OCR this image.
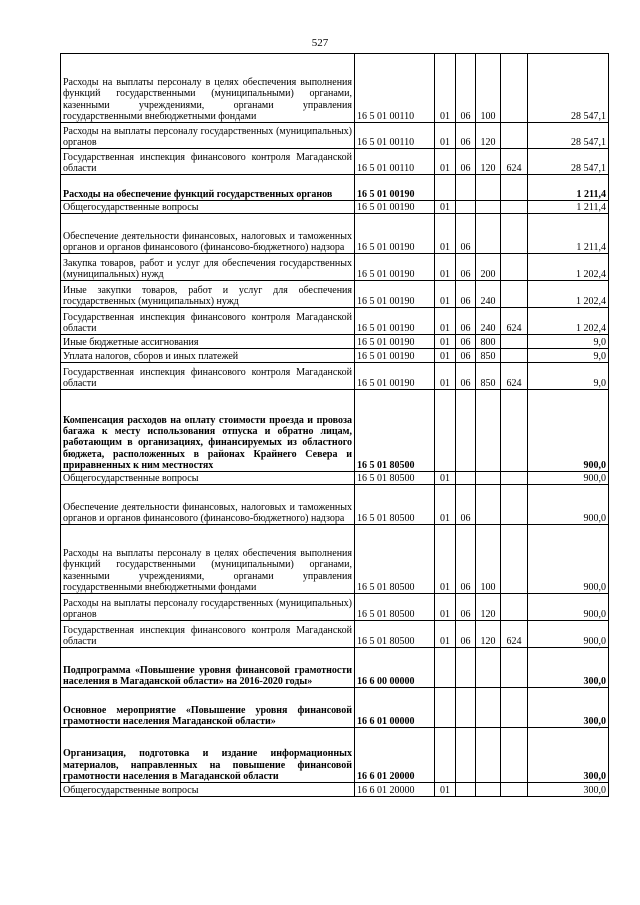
527
Расходы на выплаты персоналу в целях обеспечения выполнения функций государственными (муниципальными) органами, казенными учреждениями, органами управления государственными внебюджетными фондами	16 5 01 00110	01	06	100		28 547,1

Расходы на выплаты персоналу государственных (муниципальных) органов	16 5 01 00110	01	06	120		28 547,1

Государственная инспекция финансового контроля Магаданской области	16 5 01 00110	01	06	120	624	28 547,1

Расходы на обеспечение функций государственных органов	16 5 01 00190					1 211,4

Общегосударственные вопросы	16 5 01 00190	01				1 211,4

Обеспечение деятельности финансовых, налоговых и таможенных органов и органов финансового (финансово-бюджетного) надзора	16 5 01 00190	01	06			1 211,4

Закупка товаров, работ и услуг для обеспечения государственных (муниципальных) нужд	16 5 01 00190	01	06	200		1 202,4

Иные закупки товаров, работ и услуг для обеспечения государственных (муниципальных) нужд	16 5 01 00190	01	06	240		1 202,4

Государственная инспекция финансового контроля Магаданской области	16 5 01 00190	01	06	240	624	1 202,4

Иные бюджетные ассигнования	16 5 01 00190	01	06	800		9,0

Уплата налогов, сборов и иных платежей	16 5 01 00190	01	06	850		9,0

Государственная инспекция финансового контроля Магаданской области	16 5 01 00190	01	06	850	624	9,0

Компенсация расходов на оплату стоимости проезда и провоза багажа к месту использования отпуска и обратно лицам, работающим в организациях, финансируемых из областного бюджета, расположенных в районах Крайнего Севера и приравненных к ним местностях	16 5 01 80500					900,0

Общегосударственные вопросы	16 5 01 80500	01				900,0

Обеспечение деятельности финансовых, налоговых и таможенных органов и органов финансового (финансово-бюджетного) надзора	16 5 01 80500	01	06			900,0

Расходы на выплаты персоналу в целях обеспечения выполнения функций государственными (муниципальными) органами, казенными учреждениями, органами управления государственными внебюджетными фондами	16 5 01 80500	01	06	100		900,0

Расходы на выплаты персоналу государственных (муниципальных) органов	16 5 01 80500	01	06	120		900,0

Государственная инспекция финансового контроля Магаданской области	16 5 01 80500	01	06	120	624	900,0

Подпрограмма «Повышение уровня финансовой грамотности населения в Магаданской области» на 2016-2020 годы»	16 6 00 00000					300,0

Основное мероприятие «Повышение уровня финансовой грамотности населения Магаданской области»	16 6 01 00000					300,0

Организация, подготовка и издание информационных материалов, направленных на повышение финансовой грамотности населения в Магаданской области	16 6 01 20000					300,0

Общегосударственные вопросы	16 6 01 20000	01				300,0
